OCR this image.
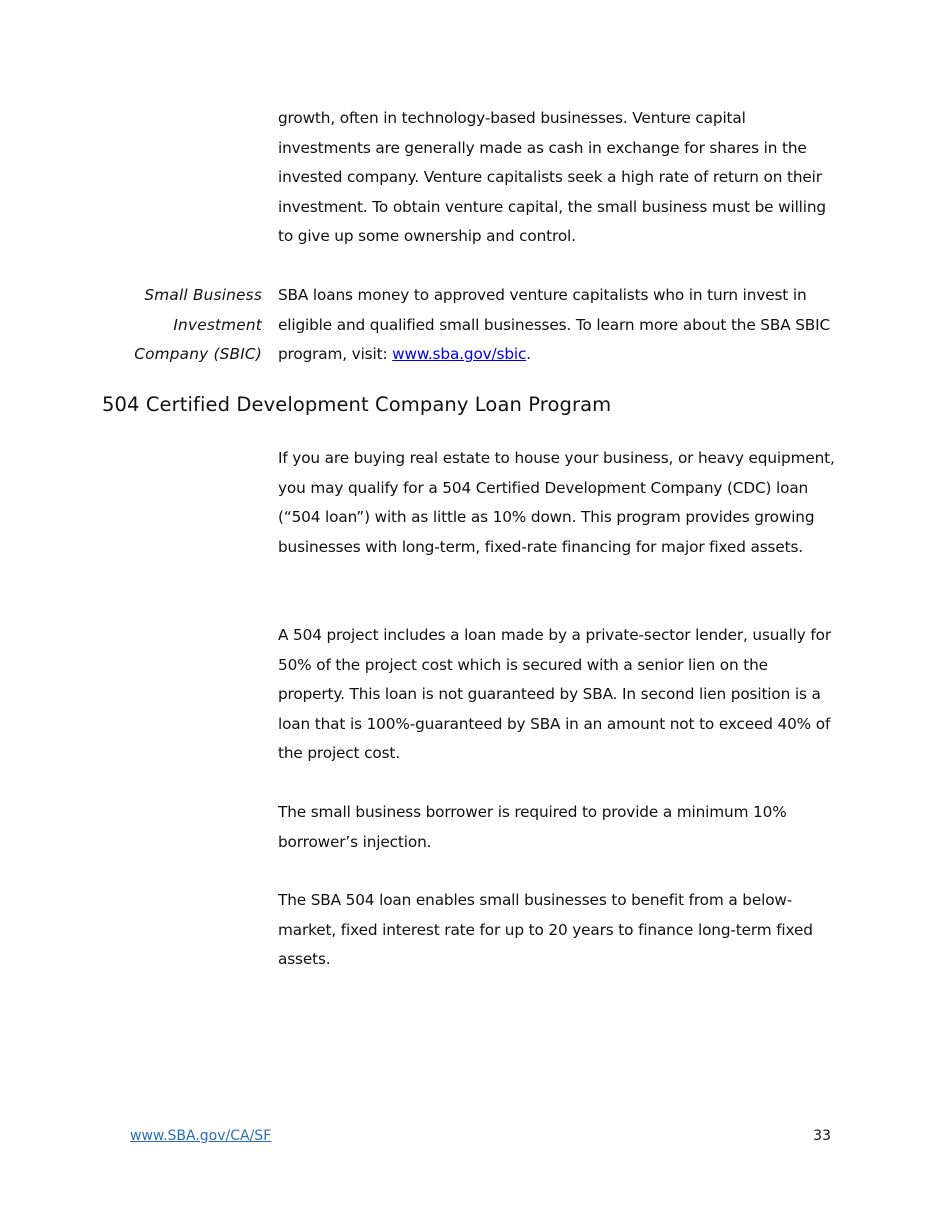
growth, often in technology-based businesses. Venture capital investments are generally made as cash in exchange for shares in the invested company. Venture capitalists seek a high rate of return on their investment. To obtain venture capital, the small business must be willing to give up some ownership and control.

Small Business
Investment
Company (SBIC)

SBA loans money to approved venture capitalists who in turn invest in eligible and qualified small businesses. To learn more about the SBA SBIC program, visit: www.sba.gov/sbic.

504 Certified Development Company Loan Program

If you are buying real estate to house your business, or heavy equipment, you may qualify for a 504 Certified Development Company (CDC) loan (“504 loan”) with as little as 10% down. This program provides growing businesses with long-term, fixed-rate financing for major fixed assets.

A 504 project includes a loan made by a private-sector lender, usually for 50% of the project cost which is secured with a senior lien on the property. This loan is not guaranteed by SBA. In second lien position is a loan that is 100%-guaranteed by SBA in an amount not to exceed 40% of the project cost.

The small business borrower is required to provide a minimum 10% borrower’s injection.

The SBA 504 loan enables small businesses to benefit from a below-market, fixed interest rate for up to 20 years to finance long-term fixed assets.

www.SBA.gov/CA/SF	33
